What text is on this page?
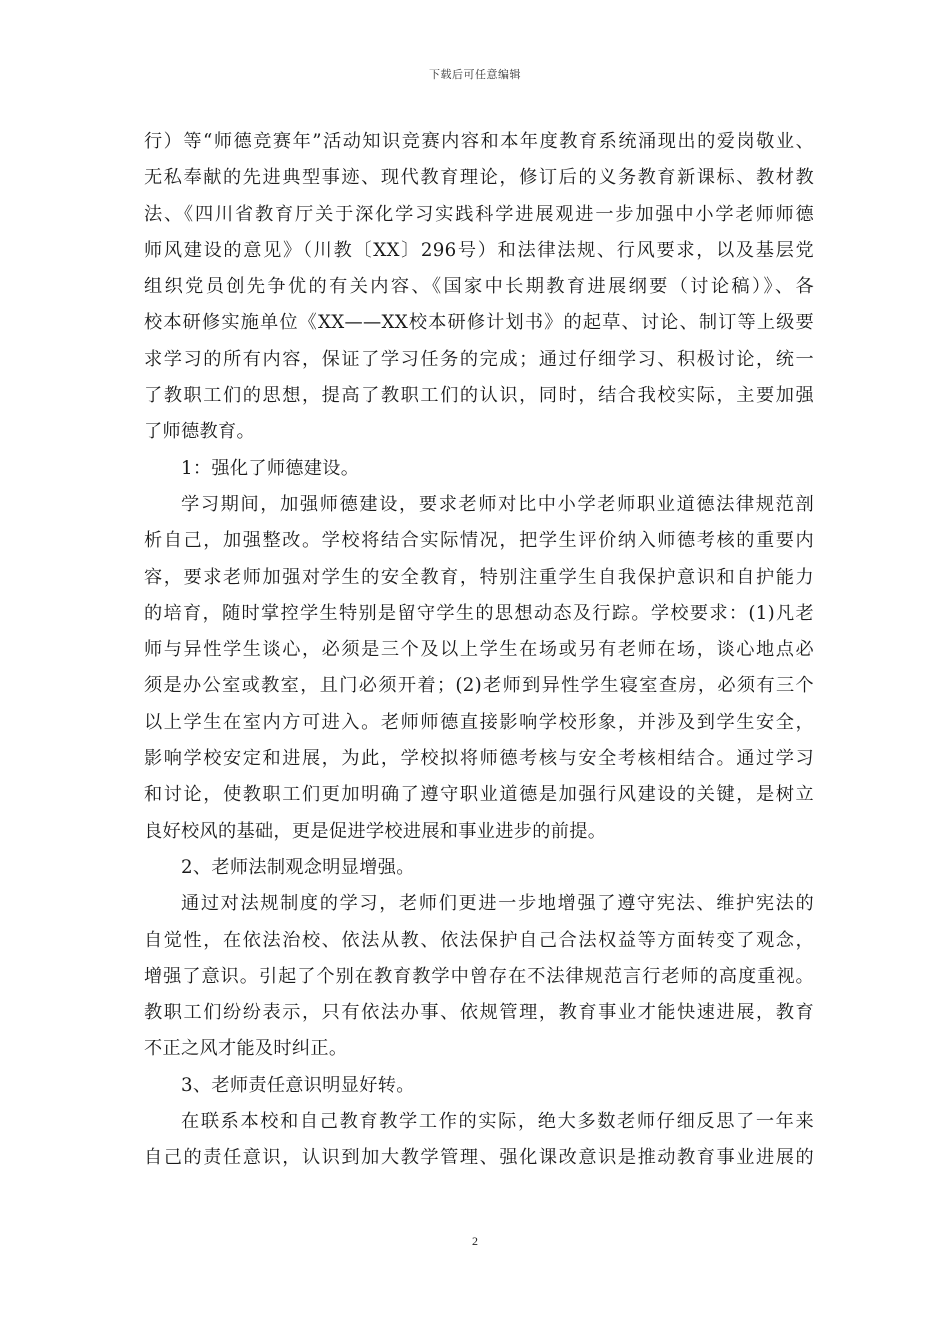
下载后可任意编辑
行）等“师德竞赛年”活动知识竞赛内容和本年度教育系统涌现出的爱岗敬业、
无私奉献的先进典型事迹、现代教育理论，修订后的义务教育新课标、教材教
法、《四川省教育厅关于深化学习实践科学进展观进一步加强中小学老师师德
师风建设的意见》（川教〔XX〕296号）和法律法规、行风要求，以及基层党
组织党员创先争优的有关内容、《国家中长期教育进展纲要（讨论稿）》、各
校本研修实施单位《XX——XX校本研修计划书》的起草、讨论、制订等上级要
求学习的所有内容，保证了学习任务的完成；通过仔细学习、积极讨论，统一
了教职工们的思想，提高了教职工们的认识，同时，结合我校实际，主要加强
了师德教育。
1：强化了师德建设。
学习期间，加强师德建设，要求老师对比中小学老师职业道德法律规范剖
析自己，加强整改。学校将结合实际情况，把学生评价纳入师德考核的重要内
容，要求老师加强对学生的安全教育，特别注重学生自我保护意识和自护能力
的培育，随时掌控学生特别是留守学生的思想动态及行踪。学校要求：(1)凡老
师与异性学生谈心，必须是三个及以上学生在场或另有老师在场，谈心地点必
须是办公室或教室，且门必须开着；(2)老师到异性学生寝室查房，必须有三个
以上学生在室内方可进入。老师师德直接影响学校形象，并涉及到学生安全，
影响学校安定和进展，为此，学校拟将师德考核与安全考核相结合。通过学习
和讨论，使教职工们更加明确了遵守职业道德是加强行风建设的关键，是树立
良好校风的基础，更是促进学校进展和事业进步的前提。
2、老师法制观念明显增强。
通过对法规制度的学习，老师们更进一步地增强了遵守宪法、维护宪法的
自觉性，在依法治校、依法从教、依法保护自己合法权益等方面转变了观念，
增强了意识。引起了个别在教育教学中曾存在不法律规范言行老师的高度重视。
教职工们纷纷表示，只有依法办事、依规管理，教育事业才能快速进展，教育
不正之风才能及时纠正。
3、老师责任意识明显好转。
在联系本校和自己教育教学工作的实际，绝大多数老师仔细反思了一年来
自己的责任意识，认识到加大教学管理、强化课改意识是推动教育事业进展的
2
